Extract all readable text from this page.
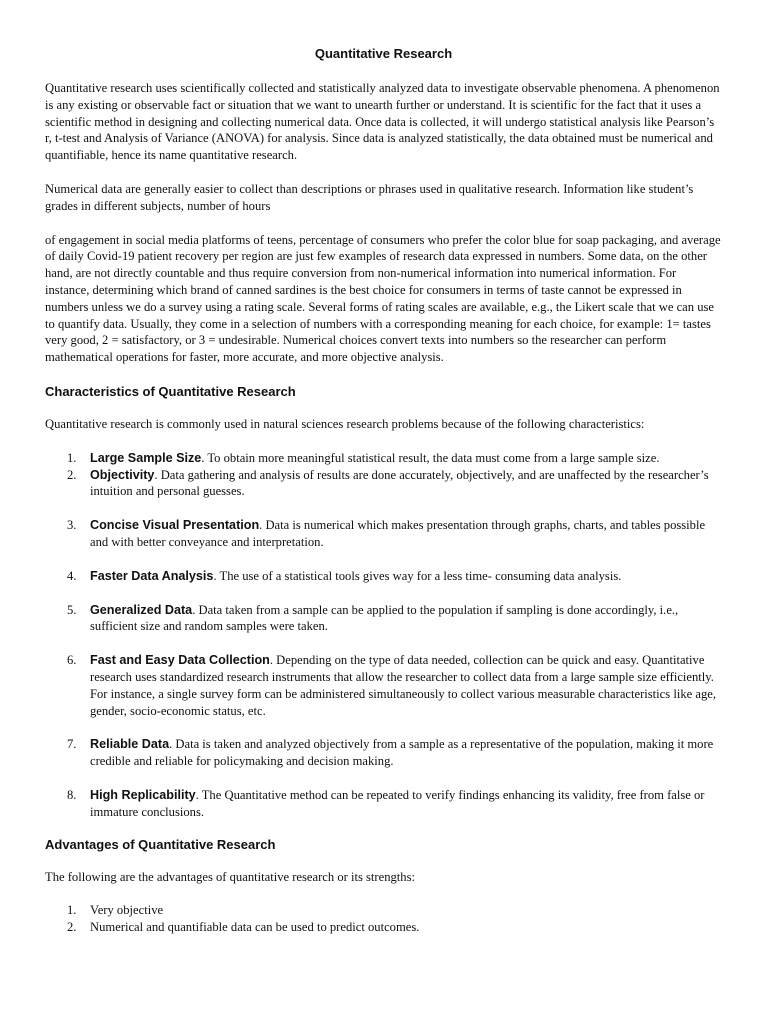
Quantitative Research

Quantitative research uses scientifically collected and statistically analyzed data to investigate observable phenomena. A phenomenon is any existing or observable fact or situation that we want to unearth further or understand. It is scientific for the fact that it uses a scientific method in designing and collecting numerical data. Once data is collected, it will undergo statistical analysis like Pearson’s r, t-test and Analysis of Variance (ANOVA) for analysis. Since data is analyzed statistically, the data obtained must be numerical and quantifiable, hence its name quantitative research.

Numerical data are generally easier to collect than descriptions or phrases used in qualitative research. Information like student’s grades in different subjects, number of hours

of engagement in social media platforms of teens, percentage of consumers who prefer the color blue for soap packaging, and average of daily Covid-19 patient recovery per region are just few examples of research data expressed in numbers. Some data, on the other hand, are not directly countable and thus require conversion from non-numerical information into numerical information. For instance, determining which brand of canned sardines is the best choice for consumers in terms of taste cannot be expressed in numbers unless we do a survey using a rating scale. Several forms of rating scales are available, e.g., the Likert scale that we can use to quantify data. Usually, they come in a selection of numbers with a corresponding meaning for each choice, for example: 1= tastes very good, 2 = satisfactory, or 3 = undesirable. Numerical choices convert texts into numbers so the researcher can perform mathematical operations for faster, more accurate, and more objective analysis.

Characteristics of Quantitative Research

Quantitative research is commonly used in natural sciences research problems because of the following characteristics:

1. Large Sample Size. To obtain more meaningful statistical result, the data must come from a large sample size.
2. Objectivity. Data gathering and analysis of results are done accurately, objectively, and are unaffected by the researcher’s intuition and personal guesses.
3. Concise Visual Presentation. Data is numerical which makes presentation through graphs, charts, and tables possible and with better conveyance and interpretation.
4. Faster Data Analysis. The use of a statistical tools gives way for a less time- consuming data analysis.
5. Generalized Data. Data taken from a sample can be applied to the population if sampling is done accordingly, i.e., sufficient size and random samples were taken.
6. Fast and Easy Data Collection. Depending on the type of data needed, collection can be quick and easy. Quantitative research uses standardized research instruments that allow the researcher to collect data from a large sample size efficiently. For instance, a single survey form can be administered simultaneously to collect various measurable characteristics like age, gender, socio-economic status, etc.
7. Reliable Data. Data is taken and analyzed objectively from a sample as a representative of the population, making it more credible and reliable for policymaking and decision making.
8. High Replicability. The Quantitative method can be repeated to verify findings enhancing its validity, free from false or immature conclusions.
Advantages of Quantitative Research

The following are the advantages of quantitative research or its strengths:

1. Very objective
2. Numerical and quantifiable data can be used to predict outcomes.
